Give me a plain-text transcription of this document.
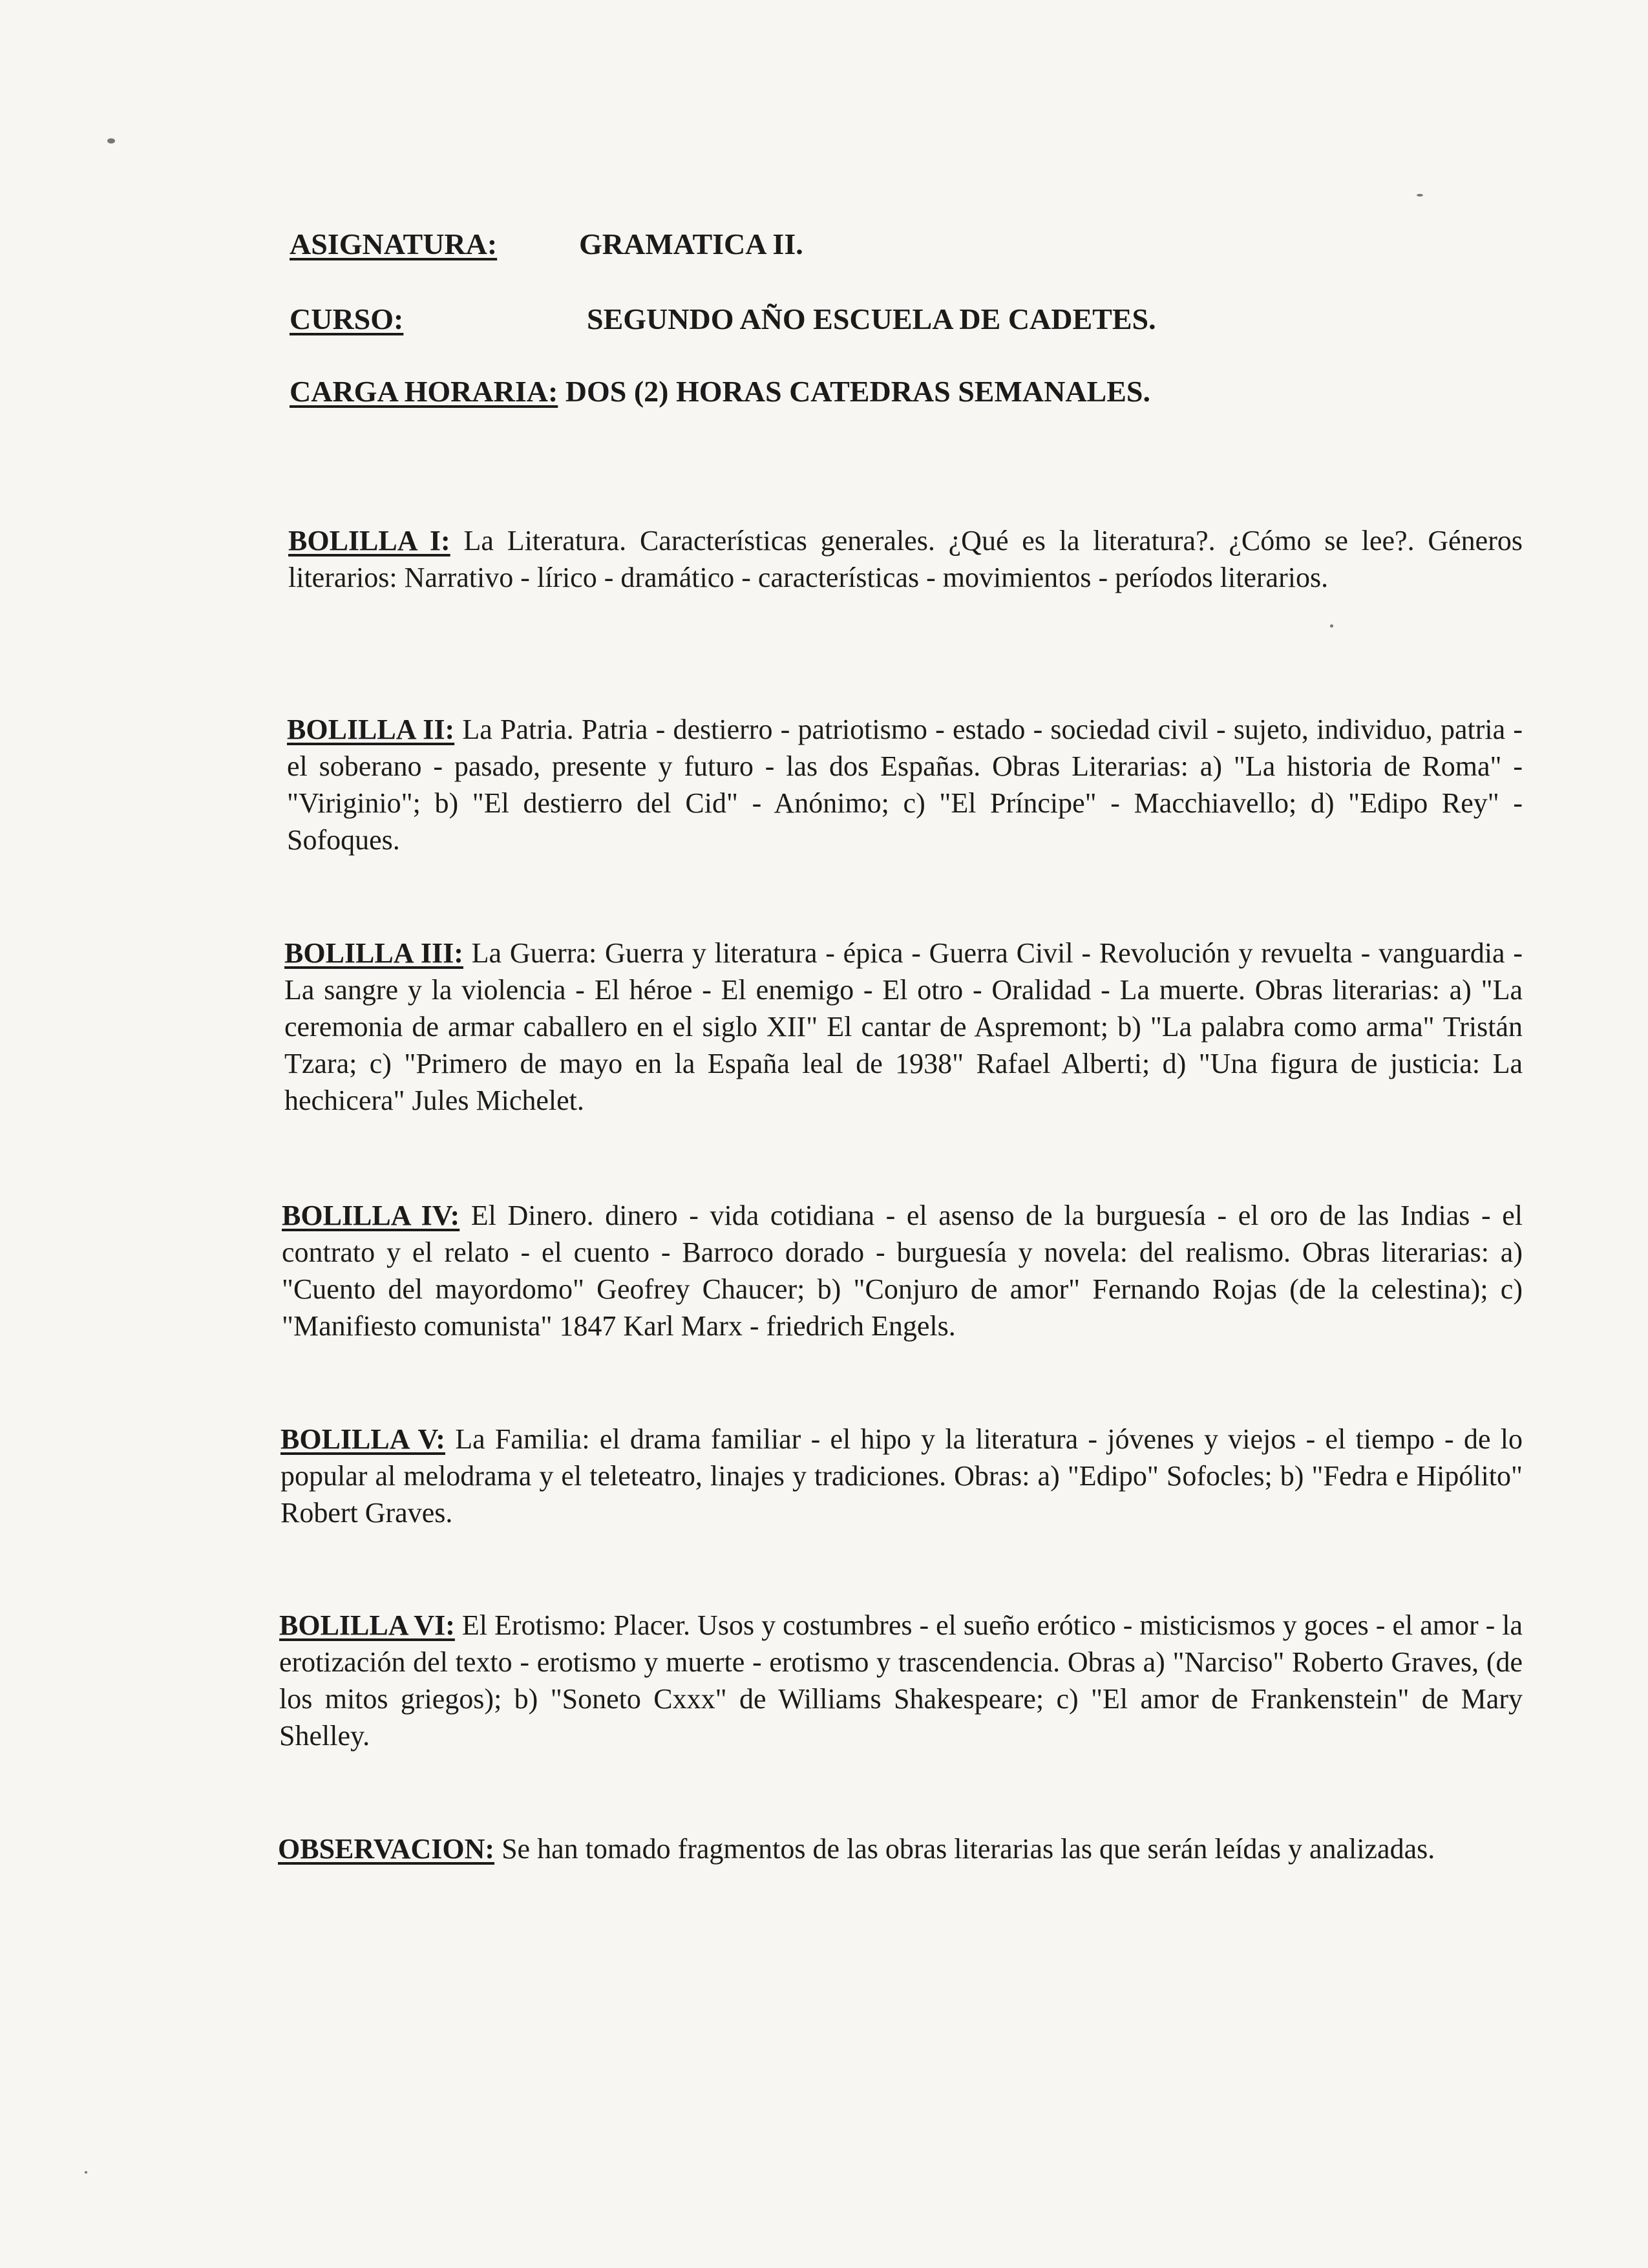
ASIGNATURA:	GRAMATICA II.
CURSO:	SEGUNDO AÑO ESCUELA DE CADETES.
CARGA HORARIA: DOS (2) HORAS CATEDRAS SEMANALES.
BOLILLA I: La Literatura. Características generales. ¿Qué es la literatura?. ¿Cómo se lee?. Géneros literarios: Narrativo - lírico - dramático - características - movimientos - períodos literarios.
BOLILLA II: La Patria. Patria - destierro - patriotismo - estado - sociedad civil - sujeto, individuo, patria - el soberano - pasado, presente y futuro - las dos Españas. Obras Literarias: a) "La historia de Roma" - "Viriginio"; b) "El destierro del Cid" - Anónimo; c) "El Príncipe" - Macchiavello; d) "Edipo Rey" - Sofoques.
BOLILLA III: La Guerra: Guerra y literatura - épica - Guerra Civil - Revolución y revuelta - vanguardia - La sangre y la violencia - El héroe - El enemigo - El otro - Oralidad - La muerte. Obras literarias: a) "La ceremonia de armar caballero en el siglo XII" El cantar de Aspremont; b) "La palabra como arma" Tristán Tzara; c) "Primero de mayo en la España leal de 1938" Rafael Alberti; d) "Una figura de justicia: La hechicera" Jules Michelet.
BOLILLA IV: El Dinero. dinero - vida cotidiana - el asenso de la burguesía - el oro de las Indias - el contrato y el relato - el cuento - Barroco dorado - burguesía y novela: del realismo. Obras literarias: a) "Cuento del mayordomo" Geofrey Chaucer; b) "Conjuro de amor" Fernando Rojas (de la celestina); c) "Manifiesto comunista" 1847 Karl Marx - friedrich Engels.
BOLILLA V: La Familia: el drama familiar - el hipo y la literatura - jóvenes y viejos - el tiempo - de lo popular al melodrama y el teleteatro, linajes y tradiciones. Obras: a) "Edipo" Sofocles; b) "Fedra e Hipólito" Robert Graves.
BOLILLA VI: El Erotismo: Placer. Usos y costumbres - el sueño erótico - misticismos y goces - el amor - la erotización del texto - erotismo y muerte - erotismo y trascendencia. Obras a) "Narciso" Roberto Graves, (de los mitos griegos); b) "Soneto Cxxx" de Williams Shakespeare; c) "El amor de Frankenstein" de Mary Shelley.
OBSERVACION: Se han tomado fragmentos de las obras literarias las que serán leídas y analizadas.
